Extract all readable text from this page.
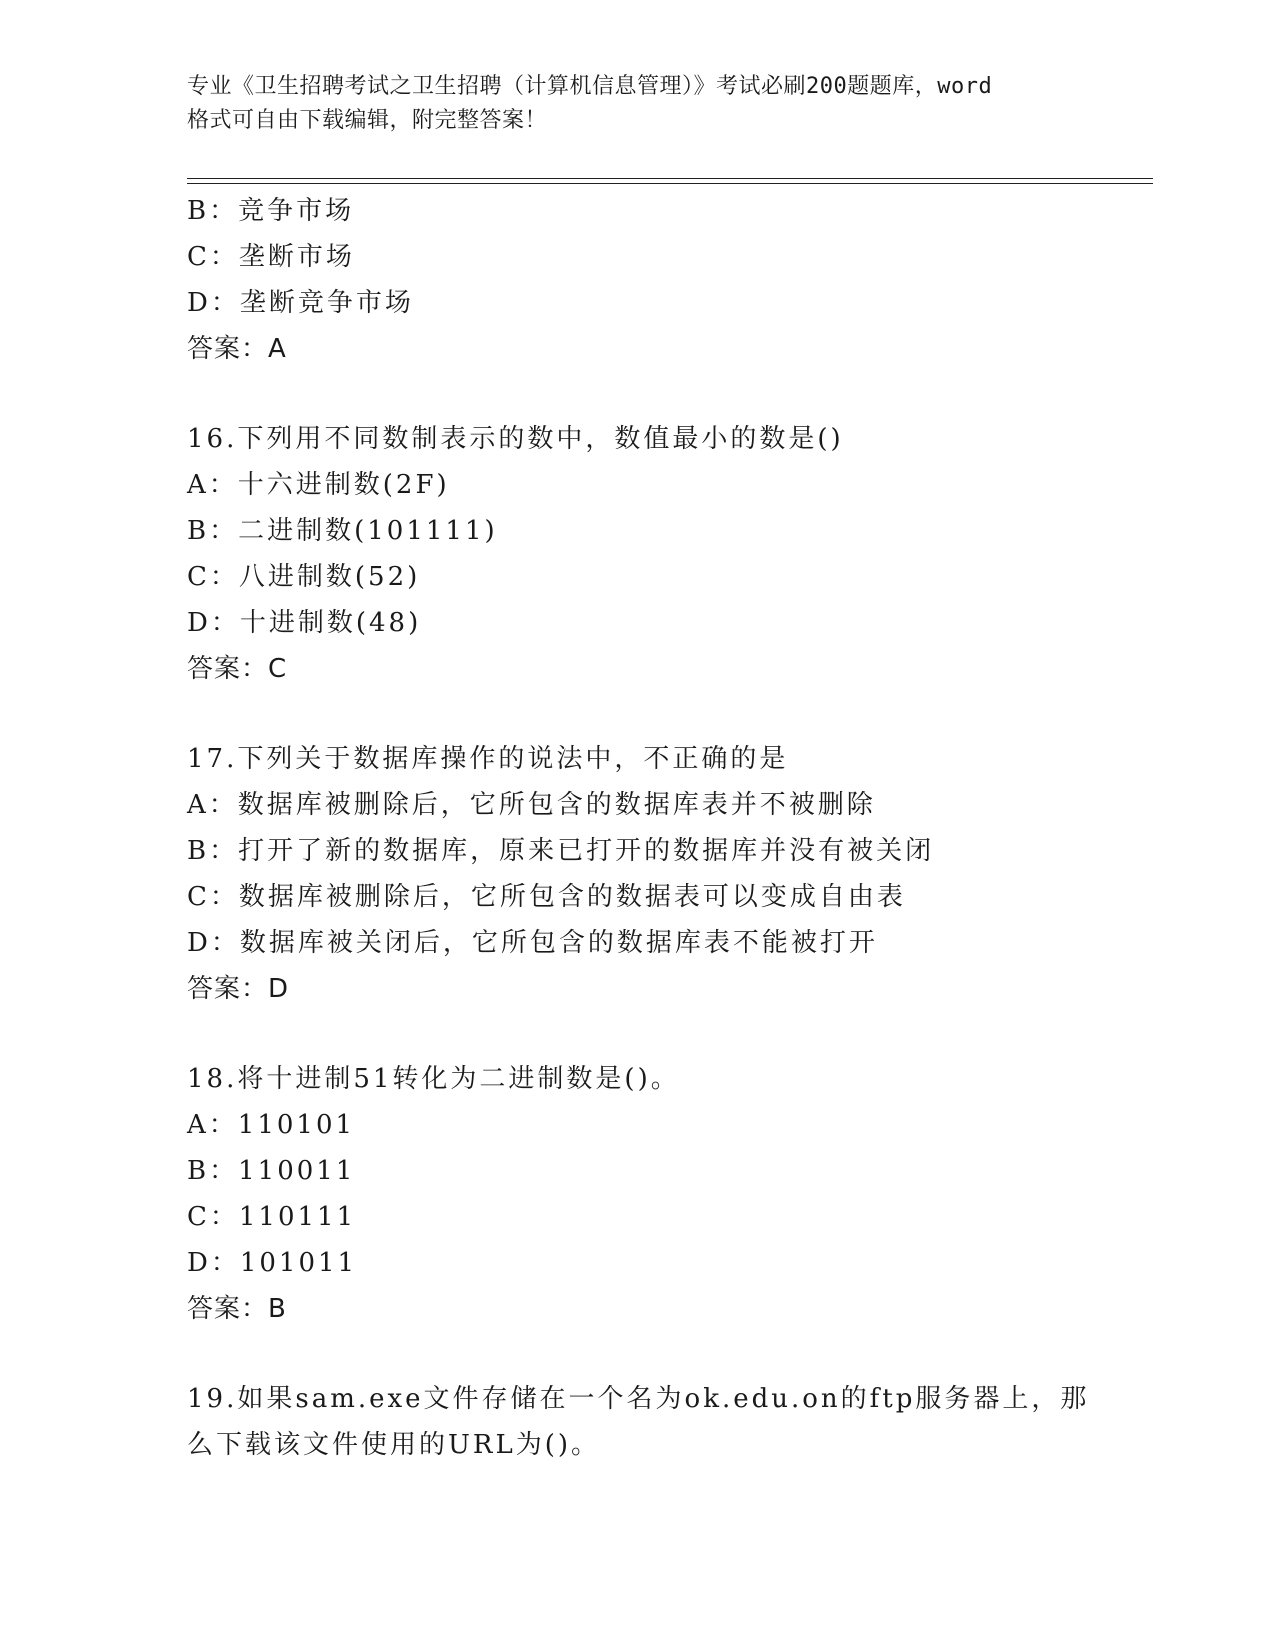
专业《卫生招聘考试之卫生招聘（计算机信息管理）》考试必刷200题题库，word
格式可自由下载编辑，附完整答案！
B：竞争市场
C：垄断市场
D：垄断竞争市场
答案：A
16.下列用不同数制表示的数中，数值最小的数是()
A：十六进制数(2F)
B：二进制数(101111)
C：八进制数(52)
D：十进制数(48)
答案：C
17.下列关于数据库操作的说法中，不正确的是
A：数据库被删除后，它所包含的数据库表并不被删除
B：打开了新的数据库，原来已打开的数据库并没有被关闭
C：数据库被删除后，它所包含的数据表可以变成自由表
D：数据库被关闭后，它所包含的数据库表不能被打开
答案：D
18.将十进制51转化为二进制数是()。
A：110101
B：110011
C：110111
D：101011
答案：B
19.如果sam.exe文件存储在一个名为ok.edu.on的ftp服务器上，那
么下载该文件使用的URL为()。
